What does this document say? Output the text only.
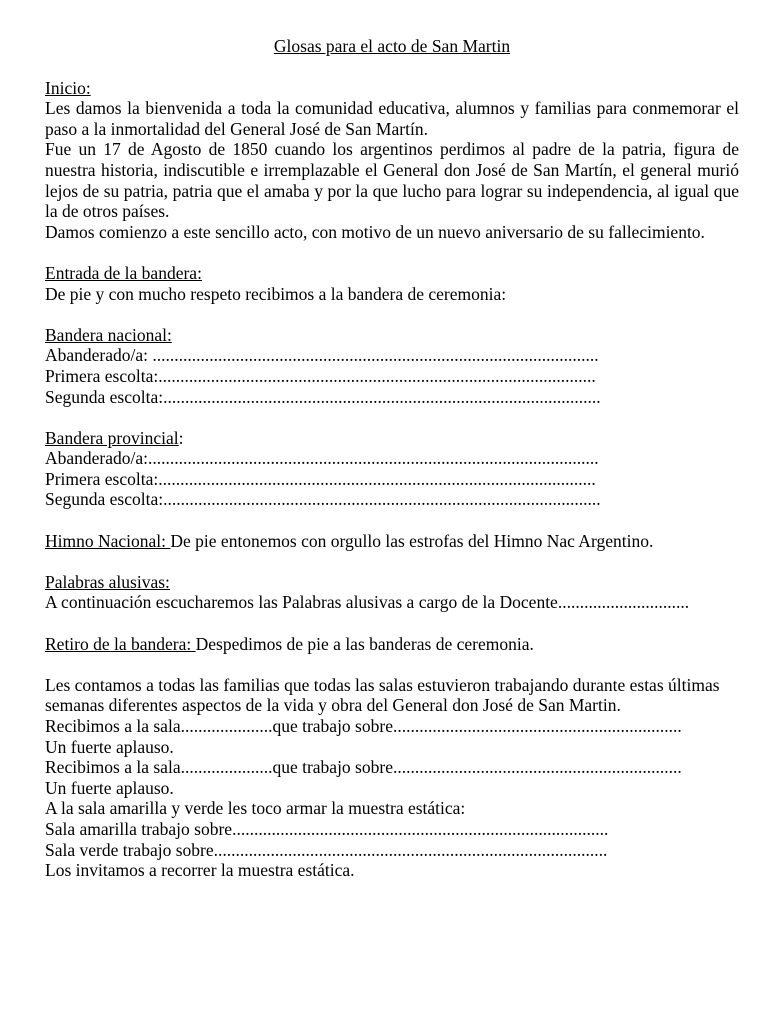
Glosas para el acto de San Martin

Inicio:

Les damos la bienvenida a toda la comunidad educativa, alumnos y familias para conmemorar el paso a la inmortalidad del General José de San Martín.

Fue un 17 de Agosto de 1850 cuando los argentinos perdimos al padre de la patria, figura de nuestra historia, indiscutible e irremplazable el General don José de San Martín, el general murió lejos de su patria, patria que el amaba y por la que lucho para lograr su independencia, al igual que la de otros países.

Damos comienzo a este sencillo acto, con motivo de un nuevo aniversario de su fallecimiento.

Entrada de la bandera:

De pie y con mucho respeto recibimos a la bandera de ceremonia:

Bandera nacional:

Abanderado/a: ......................................................................................................

Primera escolta:....................................................................................................

Segunda escolta:....................................................................................................

Bandera provincial:

Abanderado/a:.......................................................................................................

Primera escolta:....................................................................................................

Segunda escolta:....................................................................................................

Himno Nacional: De pie entonemos con orgullo las estrofas del Himno Nac Argentino.

Palabras alusivas:

A continuación escucharemos las Palabras alusivas a cargo de la Docente..............................

Retiro de la bandera: Despedimos de pie a las banderas de ceremonia.

Les contamos a todas las familias que todas las salas estuvieron trabajando durante estas últimas semanas diferentes aspectos de la vida y obra del General don José de San Martin.

Recibimos a la sala.....................que trabajo sobre..................................................................

Un fuerte aplauso.

Recibimos a la sala.....................que trabajo sobre..................................................................

Un fuerte aplauso.

A la sala amarilla y verde les toco armar la muestra estática:

Sala amarilla trabajo sobre......................................................................................

Sala verde trabajo sobre..........................................................................................

Los invitamos a recorrer la muestra estática.
